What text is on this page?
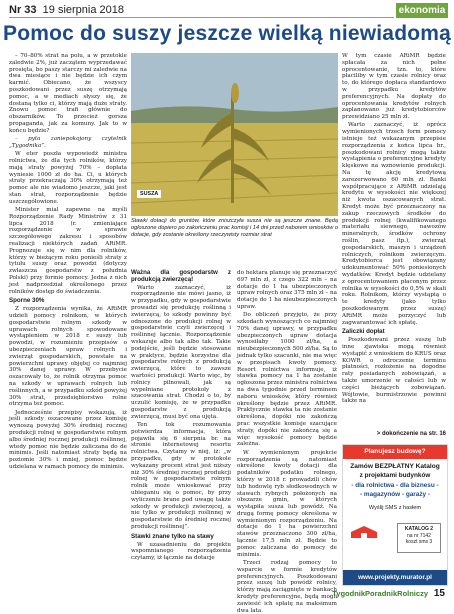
Nr 33 19 sierpnia 2018	ekonomia
Pomoc do suszy jeszcze wielką niewiadomą

– 70–80% strat na polu, a w przetokle zaledwie 2%, już zaczątem wyprzedawać prosięta, bo paszy starczy mi zaledwie na dwa miesiące i nie będzie ich czym karmić. Obiecano, że wszyscy poszkodowani przez suszę otrzymają pomoc, a w mediach słyszy się, że dostaną tylko ci, którzy mają duże straty. Znowu pomoc trafi głównie do obszarników. To przecież gorsza propaganda, jak za komuny. Jak to w końcu będzie?

– pyta zaniepokojony czytelnik „Tygodnika”.

W eter poszła wypowiedź ministra rolnictwa, że dla tych rolników, którzy mają straty powyżej 70% – dopłata wyniesie 1000 zł do ha. Ci, u których straty przekraczają 30% otrzymają też pomoc ale nie wiadomo jeszcze, jaki jest stan strat, rozporządzenie będzie uszczegółowione.

Minister mial zapewne na myśli Rozporządzenie Rady Ministrów z 31 lipca 2018 (r. zmieniające rozporządzenie w sprawie szczegółowego zakresu i sposobów realizacji niektórych zadań ARiMR. Prognozuje się w nim dla rolników, którzy w bieżącym roku ponieśli straty z tytułu suszy oraz powodzi (dotyczy zwłaszcza gospodarstw z południa Polski) przy formie pomocy. Jedna z nich jest nadprzedział określonego przez rolników dostęp do świadczenia.

Sporne 30%

Z rozporządzenia wynika, że ARiMR udzieli pomocy rolnikom, w których gospodarstwie rolnym szkody w uprawach rolnych spowodowane wystąpieniem w 2018 r. suszy lub powodzi, w rozumieniu przepisów o ubezpieczeniach upraw rolnych i zwierząt gospodarskich, powstałe na powierzchni uprawy objętej co najmniej 30% danej uprawy. W przebycie oszacowały to, że rolnik otrzyma pomoc na szkody w uprawach rolnych lub roślinnych, a w przypadku szkód powyżej 30% strat, przedsiębiorstwo rolne otrzyma też pomoc.

Jednocześnie przepisy wskazują, iż jeśli szkody oszacowane przez komisję wynoszą powyżej 30% średniej rocznej produkcji rolnej w gospodarstwie rolnym albo średniej rocznej produkcji roślinnej, wtedy pomoc nie będzie zaliczana do de minimis. Jeśli natomiast straty będą na poziomie 30% i mniej, pomoc będzie udzielana w ramach pomocy de minimis.

SUSZA
Stawki dotacji do gruntów, które zniszczyła susza nie są jeszcze znane. Będą ogłoszone dopiero po zakończeniu prac komisji i 14 dni przed naborem wniosków o dotacje, gdy zostanie określony rzeczywisty rozmiar strat
Ważna dla gospodarstw z produkcją zwierzęcą!

Warto zaznaczyć, iż rozporządzenie nie mówi jasno, iż w przypadku, gdy w gospodarstwie prowadzi się produkcję roślinną i zwierzęcą, to szkody powinny być odnoszone do produkcji rolnej w gospodarstwie czyli zwierzęcej i roślinnej łącznie. Rozporządzenie wskazuje albo tak albo tak. Takie podejście, jeśli będzie stosowane w praktyce, będzie korzystne dla gospodarstw rolnych z produkcją zwierzęcą, które to zawsze wartości produkcji. Warto więc, by rolnicy pilnowali, jak są wypełniane protokoły z szacowania strat. Chodzi o to, by uczulić komisję, że w przypadku gospodarstw z produkcją zwierzęcą, musi być ona ujęta.

Ten tok rozumowania potwierdza informacja, która pojawiła się 6 sierpnia br. na stronie internetowej resortu rolnictwa. Czytamy w niej, iż: „w przypadku, gdy w protokole wykazany procent strat jest niższy niż 30% średniej rocznej produkcji rolnej w gospodarstwie rolnym rolnik może wnioskować przy ubieganiu się o pomoc, by przy wyliczeniu brane pod uwagę także szkody w produkcji zwierzęcej, a nie tylko w produkcji roślinnej w gospodarstwie do średniej rocznej produkcji roślinnej”.

Stawki znane tylko na stawy

W uzasadnieniu do projektu wspomnianego rozporządzenia czytamy, iż łącznie na dotacje

do hektara planuje się przeznaczyć 697 mln zł, z czego 322 mln – na dotacje do 1 ha ubezpieczonych upraw rolnych oraz 375 mln zł – na dotacje do 1 ha nieubezpieczonych upraw.

Do obliczeń przyjęto, że przy szkodach wynoszących co najmniej 70% danej uprawy, w przypadku ubezpieczonych upraw dotacja wynosiłaby 1000 zł/ha, a nieubezpieczonych 500 zł/ha. Są to jednak tylko szacunki, nie ma więc w przepisach kwoty pomocy. Resort rolnictwa informuje, iż stawka pomocy na 1 ha zostanie ogłoszona przez ministra rolnictwa na dwa tygodnie przed terminem naboru wniosków, który również określony będzie przez ARiMR. Praktycznie stawka ta nie zostanie określona, dopóki nie zakończą prac wszystkie komisje szacujące straty, dopóki nie zakończą się a więc wysokość pomocy będzie zależna.

W wymienionym projekcie rozporządzenia są natomiast określone kwoty dotacji dla podatników podatku rolnego, którzy w 2018 r. prowadzili chów lub hodowlę ryb słodkowodnych w stawach rybnych położonych na obszarze gmin, w których wystąpiła susza lub powódź. Na drugą formę pomocy określona w wymienionym rozporządzeniu. Na dotacje do 1 ha powierzchni stawów przeznaczono 300 zł/ha, łącznie 17,5 mln zł. Będzie to pomoc zaliczana do pomocy de minimis.

Trzeci rodzaj pomocy to wsparcie w formie kredytów preferencyjnych. Poszkodowani przez suszę lub powódź rolnicy, którzy mają zaciągnięte w bankach kredyty preferencyjne, będą mogli zawiesić ich spłatę na maksimum dwa lata.

W tym czasie ARiMR będzie spłacała za nich pełne oprocentowanie, tzn. to, które płaciliby w tym czasie rolnicy oraz to, do którego dopłaca standardowo w przypadku kredytów preferencyjnych. Na dopłaty do oprocentowania kredytów rolnych zaplanowano już kredytobiorców przewidziano 25 mln zł.

Warto zaznaczyć, iż oprócz wymienionych trzech form pomocy istnieje też wskazanym przepisie rozporządzenia z końca lipca br., poszkodowani rolnicy mogą także wystąpienia o preferencyjne kredyty klęskowe na wznowienie produkcji. Na tę akcję kredytową zarezerwowano 60 mln zł. Banki współpracujące z ARiMR udzielają kredytu w wysokości nie większej niż kwota oszacowanych strat. Kredyt może być przeznaczony na zakup rzeczowych środków do produkcji rolnej (kwalifikowanego materiału siewnego, nawozów mineralnych, środków ochrony roślin, pasz itp.), zwierząt gospodarskich, maszyn i urządzeń rolniczych, rolnikom zwierzęcym. Kredytobiorca jest obowiązany udokumentować 50% poniesionych wydatków. Kredyt będzie udzielany z oprocentowaniem płaconym przez rolnika w wysokości do 0,5% w skali roku. Rolnikom, którzy wystąpią o te kredyty (jako tylko poszkodowanym przez suszę) ARiMR może porzyczyć lub zagwarantować ich spłatę.

Zaliczki dopłat

Poszkodowani przez suszę lub inne zjawiska mogą również wystąpić z wnioskiem do KRUS oraz KOWR o odroczenie terminu płatności, rozłożenie na dogodne raty posiadanych zobowiązań, a także umorzenie w całości lub w części bieżących zobowiązań. Wójtowie, burmistrzowie powinni także na

> dokończenie na str. 16
Planujesz budowę?
Zamów BEZPŁATNY Katalog
z projektami budynków
- dla rolnictwa - dla biznesu -
- magazynów - garaży -
Wyślij SMS z hasłem
KATALOG 2
na nr 7142
koszt sms 3
www.projekty.murator.pl
TygodnikPoradnikRolniczy 15
